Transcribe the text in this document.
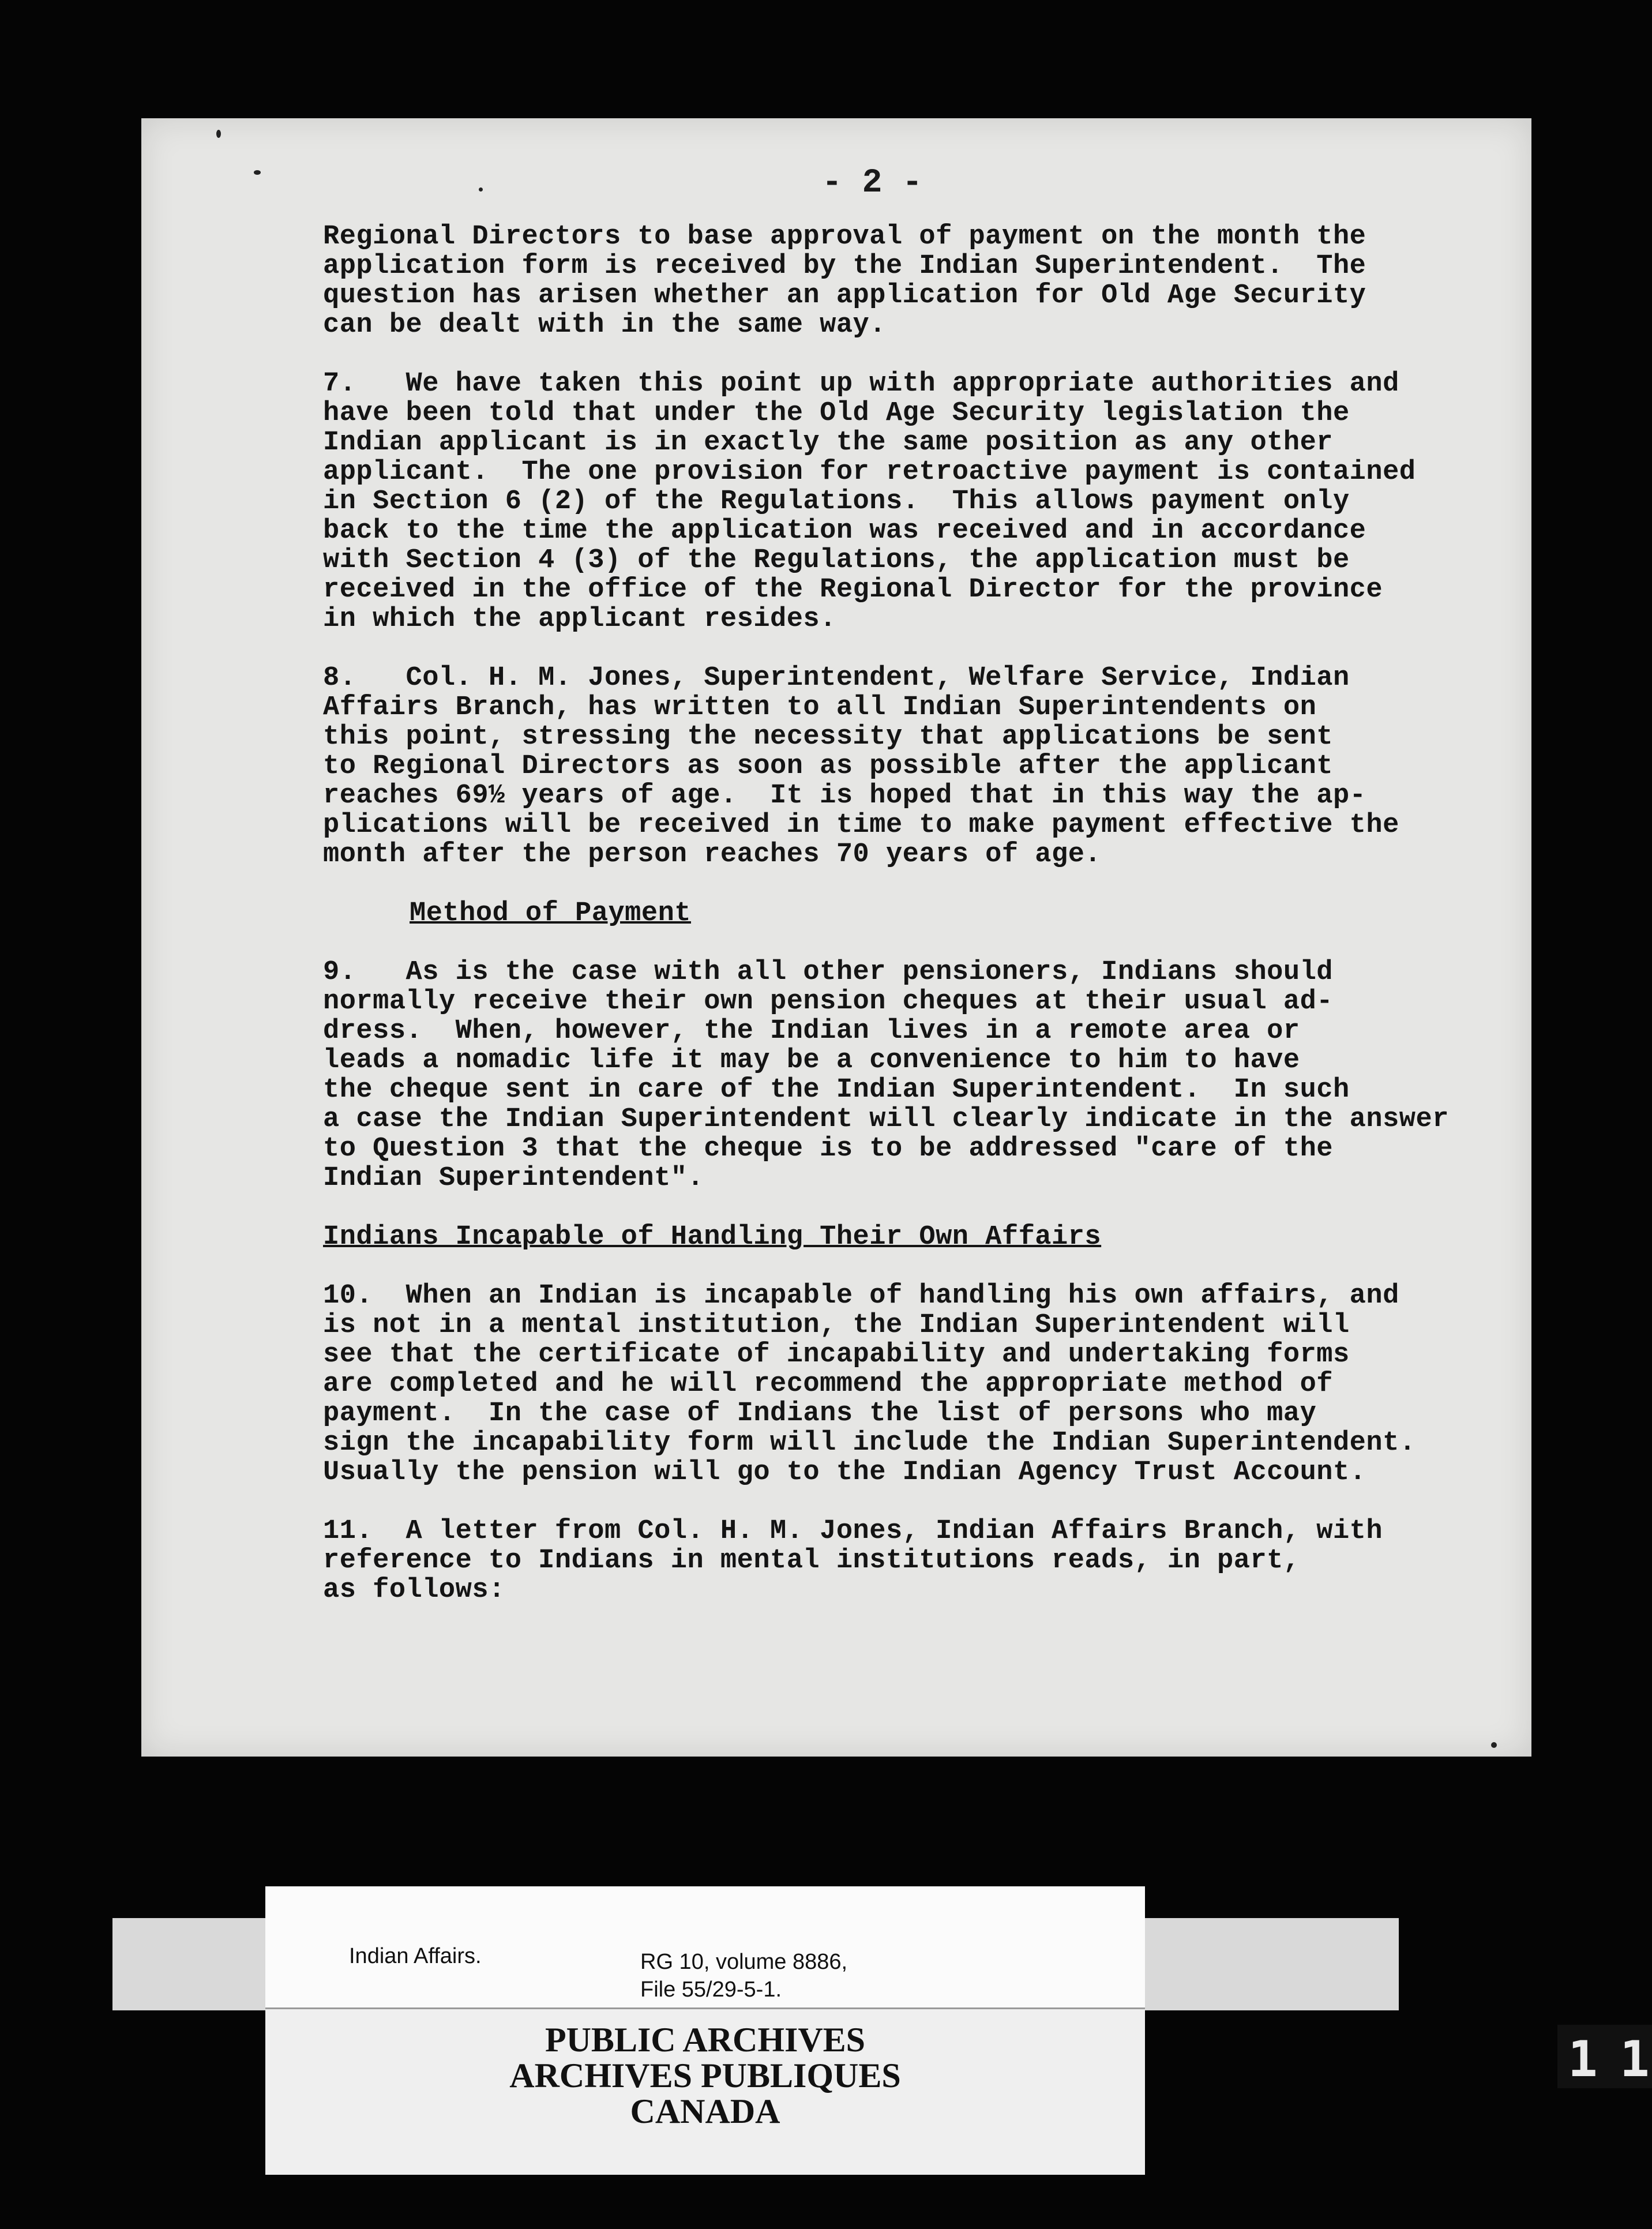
- 2 -

Regional Directors to base approval of payment on the month the
application form is received by the Indian Superintendent.  The
question has arisen whether an application for Old Age Security
can be dealt with in the same way.

7.   We have taken this point up with appropriate authorities and
have been told that under the Old Age Security legislation the
Indian applicant is in exactly the same position as any other
applicant.  The one provision for retroactive payment is contained
in Section 6 (2) of the Regulations.  This allows payment only
back to the time the application was received and in accordance
with Section 4 (3) of the Regulations, the application must be
received in the office of the Regional Director for the province
in which the applicant resides.

8.   Col. H. M. Jones, Superintendent, Welfare Service, Indian
Affairs Branch, has written to all Indian Superintendents on
this point, stressing the necessity that applications be sent
to Regional Directors as soon as possible after the applicant
reaches 69½ years of age.  It is hoped that in this way the ap-
plications will be received in time to make payment effective the
month after the person reaches 70 years of age.

Method of Payment

9.   As is the case with all other pensioners, Indians should
normally receive their own pension cheques at their usual ad-
dress.  When, however, the Indian lives in a remote area or
leads a nomadic life it may be a convenience to him to have
the cheque sent in care of the Indian Superintendent.  In such
a case the Indian Superintendent will clearly indicate in the answer
to Question 3 that the cheque is to be addressed "care of the
Indian Superintendent".

Indians Incapable of Handling Their Own Affairs

10.  When an Indian is incapable of handling his own affairs, and
is not in a mental institution, the Indian Superintendent will
see that the certificate of incapability and undertaking forms
are completed and he will recommend the appropriate method of
payment.  In the case of Indians the list of persons who may
sign the incapability form will include the Indian Superintendent.
Usually the pension will go to the Indian Agency Trust Account.

11.  A letter from Col. H. M. Jones, Indian Affairs Branch, with
reference to Indians in mental institutions reads, in part,
as follows:

Indian Affairs.	RG 10, volume 8886,
File 55/29-5-1.
PUBLIC ARCHIVES
ARCHIVES PUBLIQUES
CANADA
1 1
